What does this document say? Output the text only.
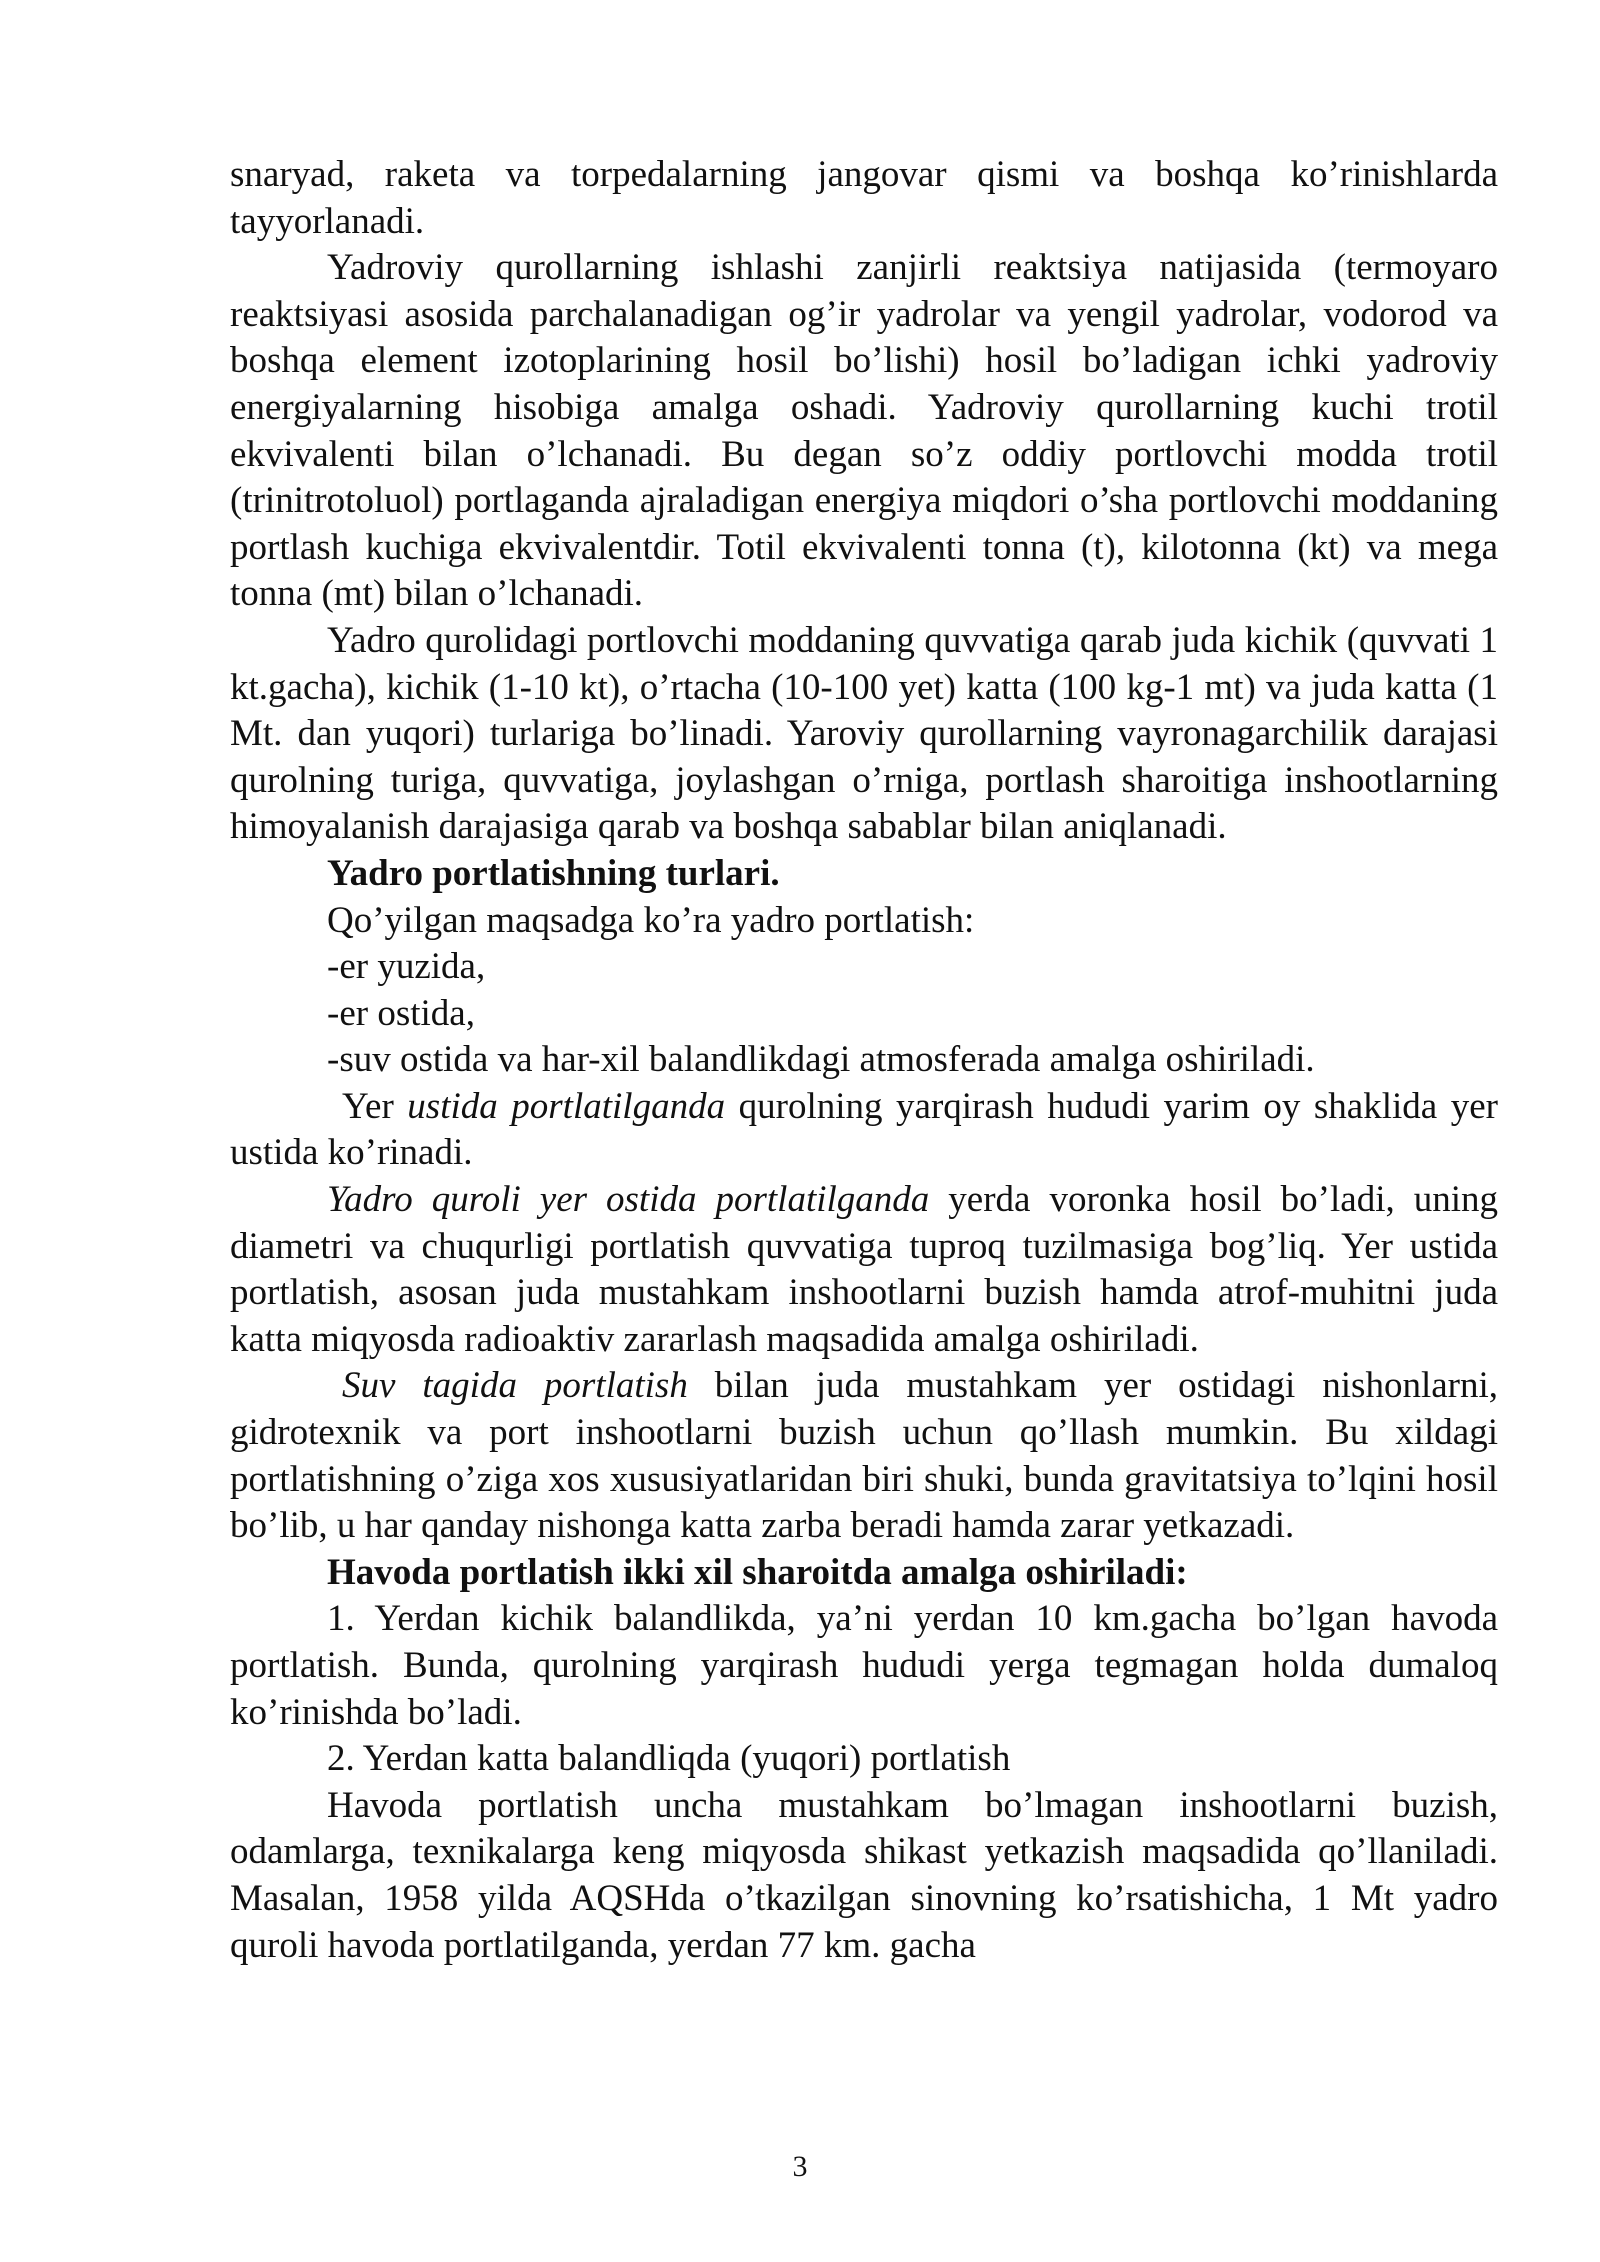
snaryad, raketa va torpedalarning jangovar qismi va boshqa ko’rinishlarda tayyorlanadi.

Yadroviy qurollarning ishlashi zanjirli reaktsiya natijasida (termoyaro reaktsiyasi asosida parchalanadigan og’ir yadrolar va yengil yadrolar, vodorod va boshqa element izotoplarining hosil bo’lishi) hosil bo’ladigan ichki yadroviy energiyalarning hisobiga amalga oshadi. Yadroviy qurollarning kuchi trotil ekvivalenti bilan o’lchanadi. Bu degan so’z oddiy portlovchi modda trotil (trinitrotoluol) portlaganda ajraladigan energiya miqdori o’sha portlovchi moddaning portlash kuchiga ekvivalentdir. Totil ekvivalenti tonna (t), kilotonna (kt) va mega tonna (mt) bilan o’lchanadi.

Yadro qurolidagi portlovchi moddaning quvvatiga qarab juda kichik (quvvati 1 kt.gacha), kichik (1-10 kt), o’rtacha (10-100 yet) katta (100 kg-1 mt) va juda katta (1 Mt. dan yuqori) turlariga bo’linadi. Yaroviy qurollarning vayronagarchilik darajasi qurolning turiga, quvvatiga, joylashgan o’rniga, portlash sharoitiga inshootlarning himoyalanish darajasiga qarab va boshqa sabablar bilan aniqlanadi.

Yadro portlatishning turlari.

Qo’yilgan maqsadga ko’ra yadro portlatish:

-er yuzida,

-er ostida,

-suv ostida va har-xil balandlikdagi atmosferada amalga oshiriladi.

Yer ustida portlatilganda qurolning yarqirash hududi yarim oy shaklida yer ustida ko’rinadi.

Yadro quroli yer ostida portlatilganda yerda voronka hosil bo’ladi, uning diametri va chuqurligi portlatish quvvatiga tuproq tuzilmasiga bog’liq. Yer ustida portlatish, asosan juda mustahkam inshootlarni buzish hamda atrof-muhitni juda katta miqyosda radioaktiv zararlash maqsadida amalga oshiriladi.

Suv tagida portlatish bilan juda mustahkam yer ostidagi nishonlarni, gidrotexnik va port inshootlarni buzish uchun qo’llash mumkin. Bu xildagi portlatishning o’ziga xos xususiyatlaridan biri shuki, bunda gravitatsiya to’lqini hosil bo’lib, u har qanday nishonga katta zarba beradi hamda zarar yetkazadi.

Havoda portlatish ikki xil sharoitda amalga oshiriladi:

1. Yerdan kichik balandlikda, ya’ni yerdan 10 km.gacha bo’lgan havoda portlatish. Bunda, qurolning yarqirash hududi yerga tegmagan holda dumaloq ko’rinishda bo’ladi.

2. Yerdan katta balandliqda (yuqori) portlatish

Havoda portlatish uncha mustahkam bo’lmagan inshootlarni buzish, odamlarga, texnikalarga keng miqyosda shikast yetkazish maqsadida qo’llaniladi. Masalan, 1958 yilda AQSHda o’tkazilgan sinovning ko’rsatishicha, 1 Mt yadro quroli havoda portlatilganda, yerdan 77 km. gacha

3
